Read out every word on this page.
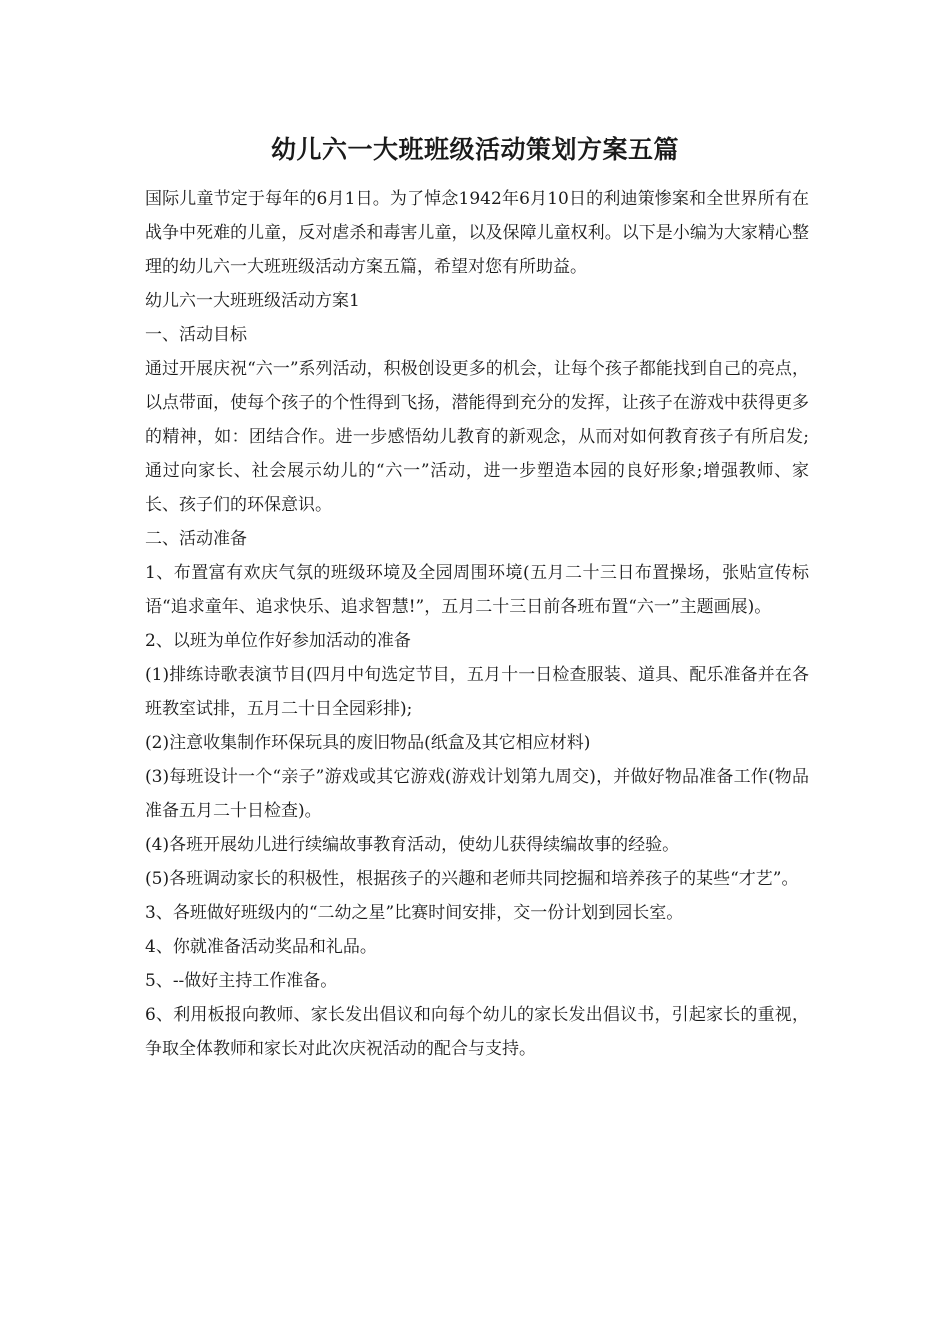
幼儿六一大班班级活动策划方案五篇

国际儿童节定于每年的6月1日。为了悼念1942年6月10日的利迪策惨案和全世界所有在战争中死难的儿童，反对虐杀和毒害儿童，以及保障儿童权利。以下是小编为大家精心整理的幼儿六一大班班级活动方案五篇，希望对您有所助益。

幼儿六一大班班级活动方案1

一、活动目标

通过开展庆祝“六一”系列活动，积极创设更多的机会，让每个孩子都能找到自己的亮点，以点带面，使每个孩子的个性得到飞扬，潜能得到充分的发挥，让孩子在游戏中获得更多的精神，如：团结合作。进一步感悟幼儿教育的新观念，从而对如何教育孩子有所启发;通过向家长、社会展示幼儿的“六一”活动，进一步塑造本园的良好形象;增强教师、家长、孩子们的环保意识。

二、活动准备

1、布置富有欢庆气氛的班级环境及全园周围环境(五月二十三日布置操场，张贴宣传标语“追求童年、追求快乐、追求智慧!”，五月二十三日前各班布置“六一”主题画展)。

2、以班为单位作好参加活动的准备

(1)排练诗歌表演节目(四月中旬选定节目，五月十一日检查服装、道具、配乐准备并在各班教室试排，五月二十日全园彩排);

(2)注意收集制作环保玩具的废旧物品(纸盒及其它相应材料)

(3)每班设计一个“亲子”游戏或其它游戏(游戏计划第九周交)，并做好物品准备工作(物品准备五月二十日检查)。

(4)各班开展幼儿进行续编故事教育活动，使幼儿获得续编故事的经验。

(5)各班调动家长的积极性，根据孩子的兴趣和老师共同挖掘和培养孩子的某些“才艺”。

3、各班做好班级内的“二幼之星”比赛时间安排，交一份计划到园长室。

4、你就准备活动奖品和礼品。

5、--做好主持工作准备。

6、利用板报向教师、家长发出倡议和向每个幼儿的家长发出倡议书，引起家长的重视，争取全体教师和家长对此次庆祝活动的配合与支持。
